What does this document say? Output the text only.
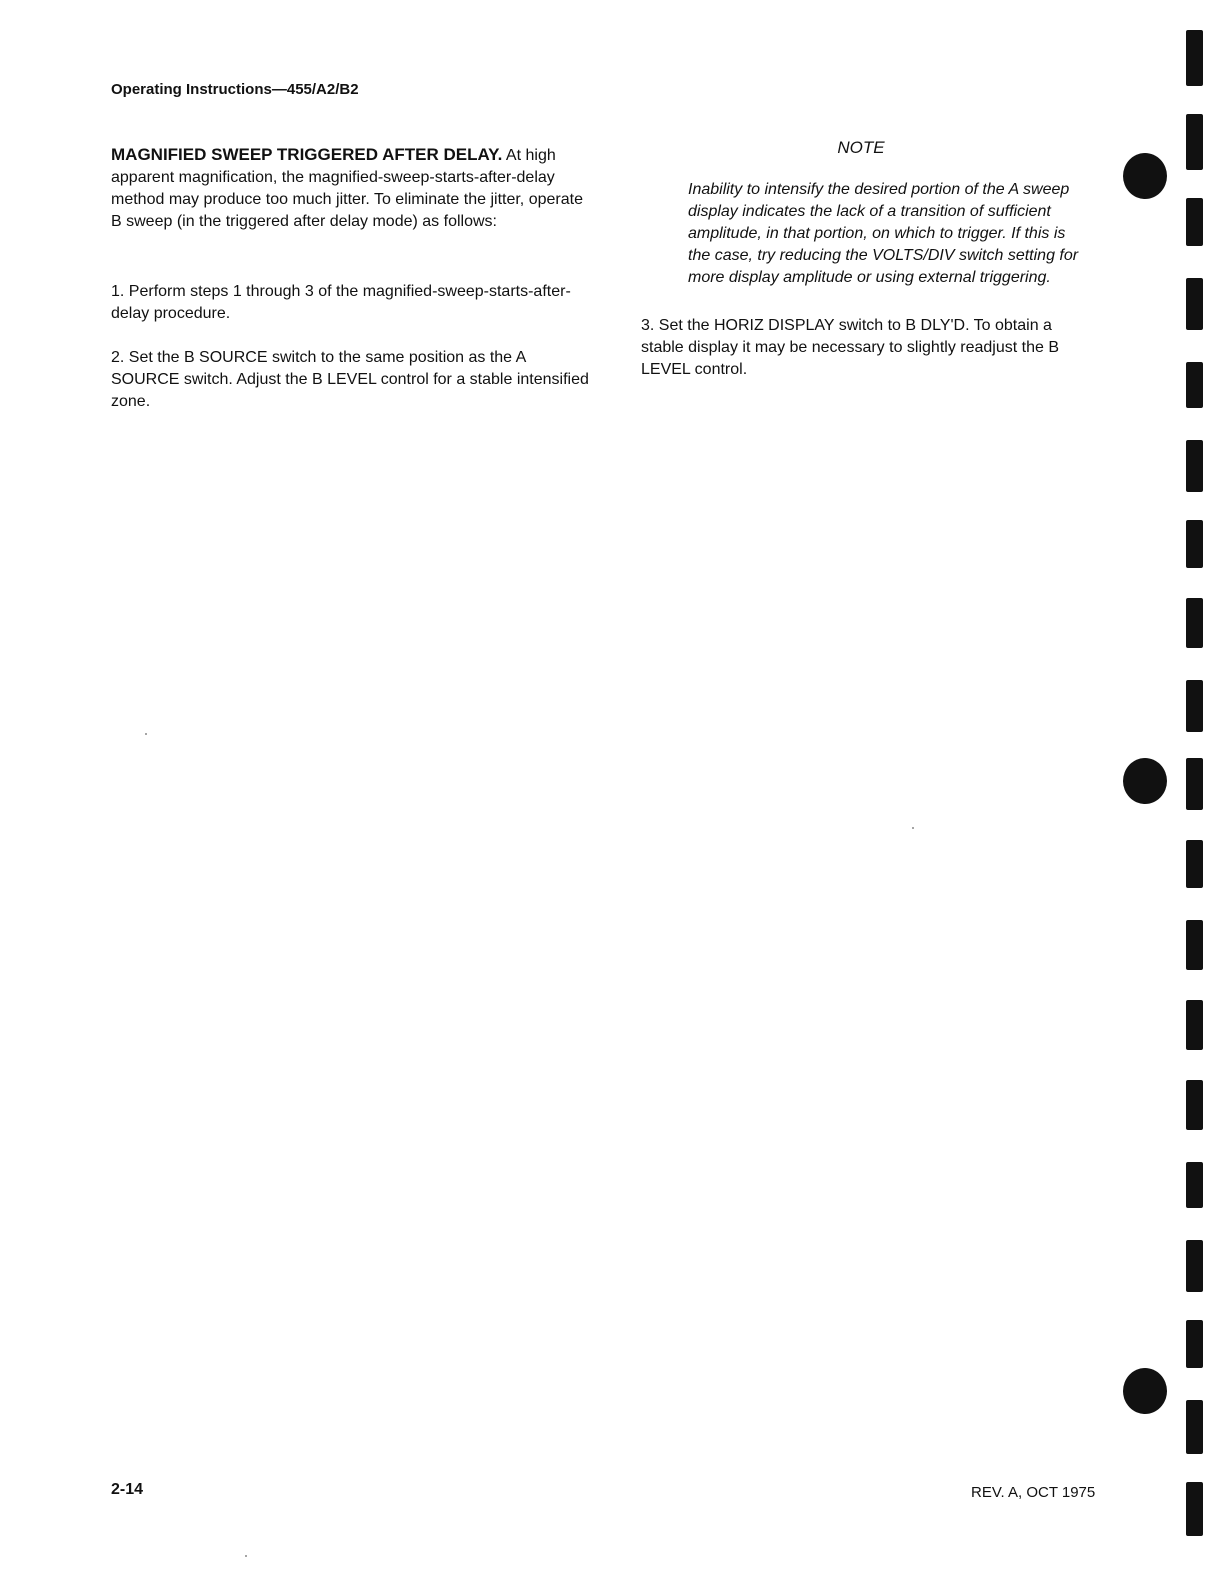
Operating Instructions—455/A2/B2

MAGNIFIED SWEEP TRIGGERED AFTER DELAY. At high apparent magnification, the magnified-sweep-starts-after-delay method may produce too much jitter. To eliminate the jitter, operate B sweep (in the triggered after delay mode) as follows:

1. Perform steps 1 through 3 of the magnified-sweep-starts-after-delay procedure.

2. Set the B SOURCE switch to the same position as the A SOURCE switch. Adjust the B LEVEL control for a stable intensified zone.

NOTE

Inability to intensify the desired portion of the A sweep display indicates the lack of a transition of sufficient amplitude, in that portion, on which to trigger. If this is the case, try reducing the VOLTS/DIV switch setting for more display amplitude or using external triggering.

3. Set the HORIZ DISPLAY switch to B DLY'D. To obtain a stable display it may be necessary to slightly readjust the B LEVEL control.

2-14	REV. A, OCT 1975
